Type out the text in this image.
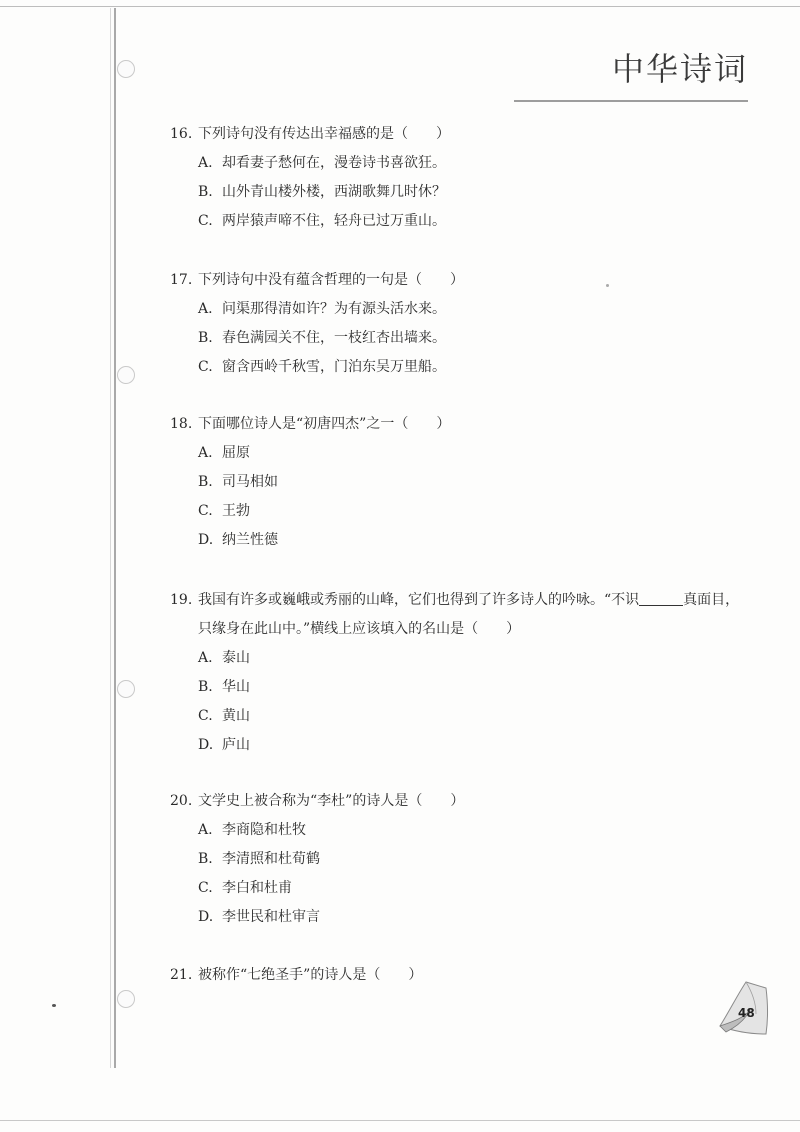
中华诗词

16. 下列诗句没有传达出幸福感的是（　　）

A. 却看妻子愁何在，漫卷诗书喜欲狂。

B. 山外青山楼外楼，西湖歌舞几时休？

C. 两岸猿声啼不住，轻舟已过万重山。

17. 下列诗句中没有蕴含哲理的一句是（　　）

A. 问渠那得清如许？为有源头活水来。

B. 春色满园关不住，一枝红杏出墙来。

C. 窗含西岭千秋雪，门泊东吴万里船。

18. 下面哪位诗人是“初唐四杰”之一（　　）

A. 屈原

B. 司马相如

C. 王勃

D. 纳兰性德

19. 我国有许多或巍峨或秀丽的山峰，它们也得到了许多诗人的吟咏。“不识	真面目，

只缘身在此山中。”横线上应该填入的名山是（　　）

A. 泰山

B. 华山

C. 黄山

D. 庐山

20. 文学史上被合称为“李杜”的诗人是（　　）

A. 李商隐和杜牧

B. 李清照和杜荀鹤

C. 李白和杜甫

D. 李世民和杜审言

21. 被称作“七绝圣手”的诗人是（　　）

48
